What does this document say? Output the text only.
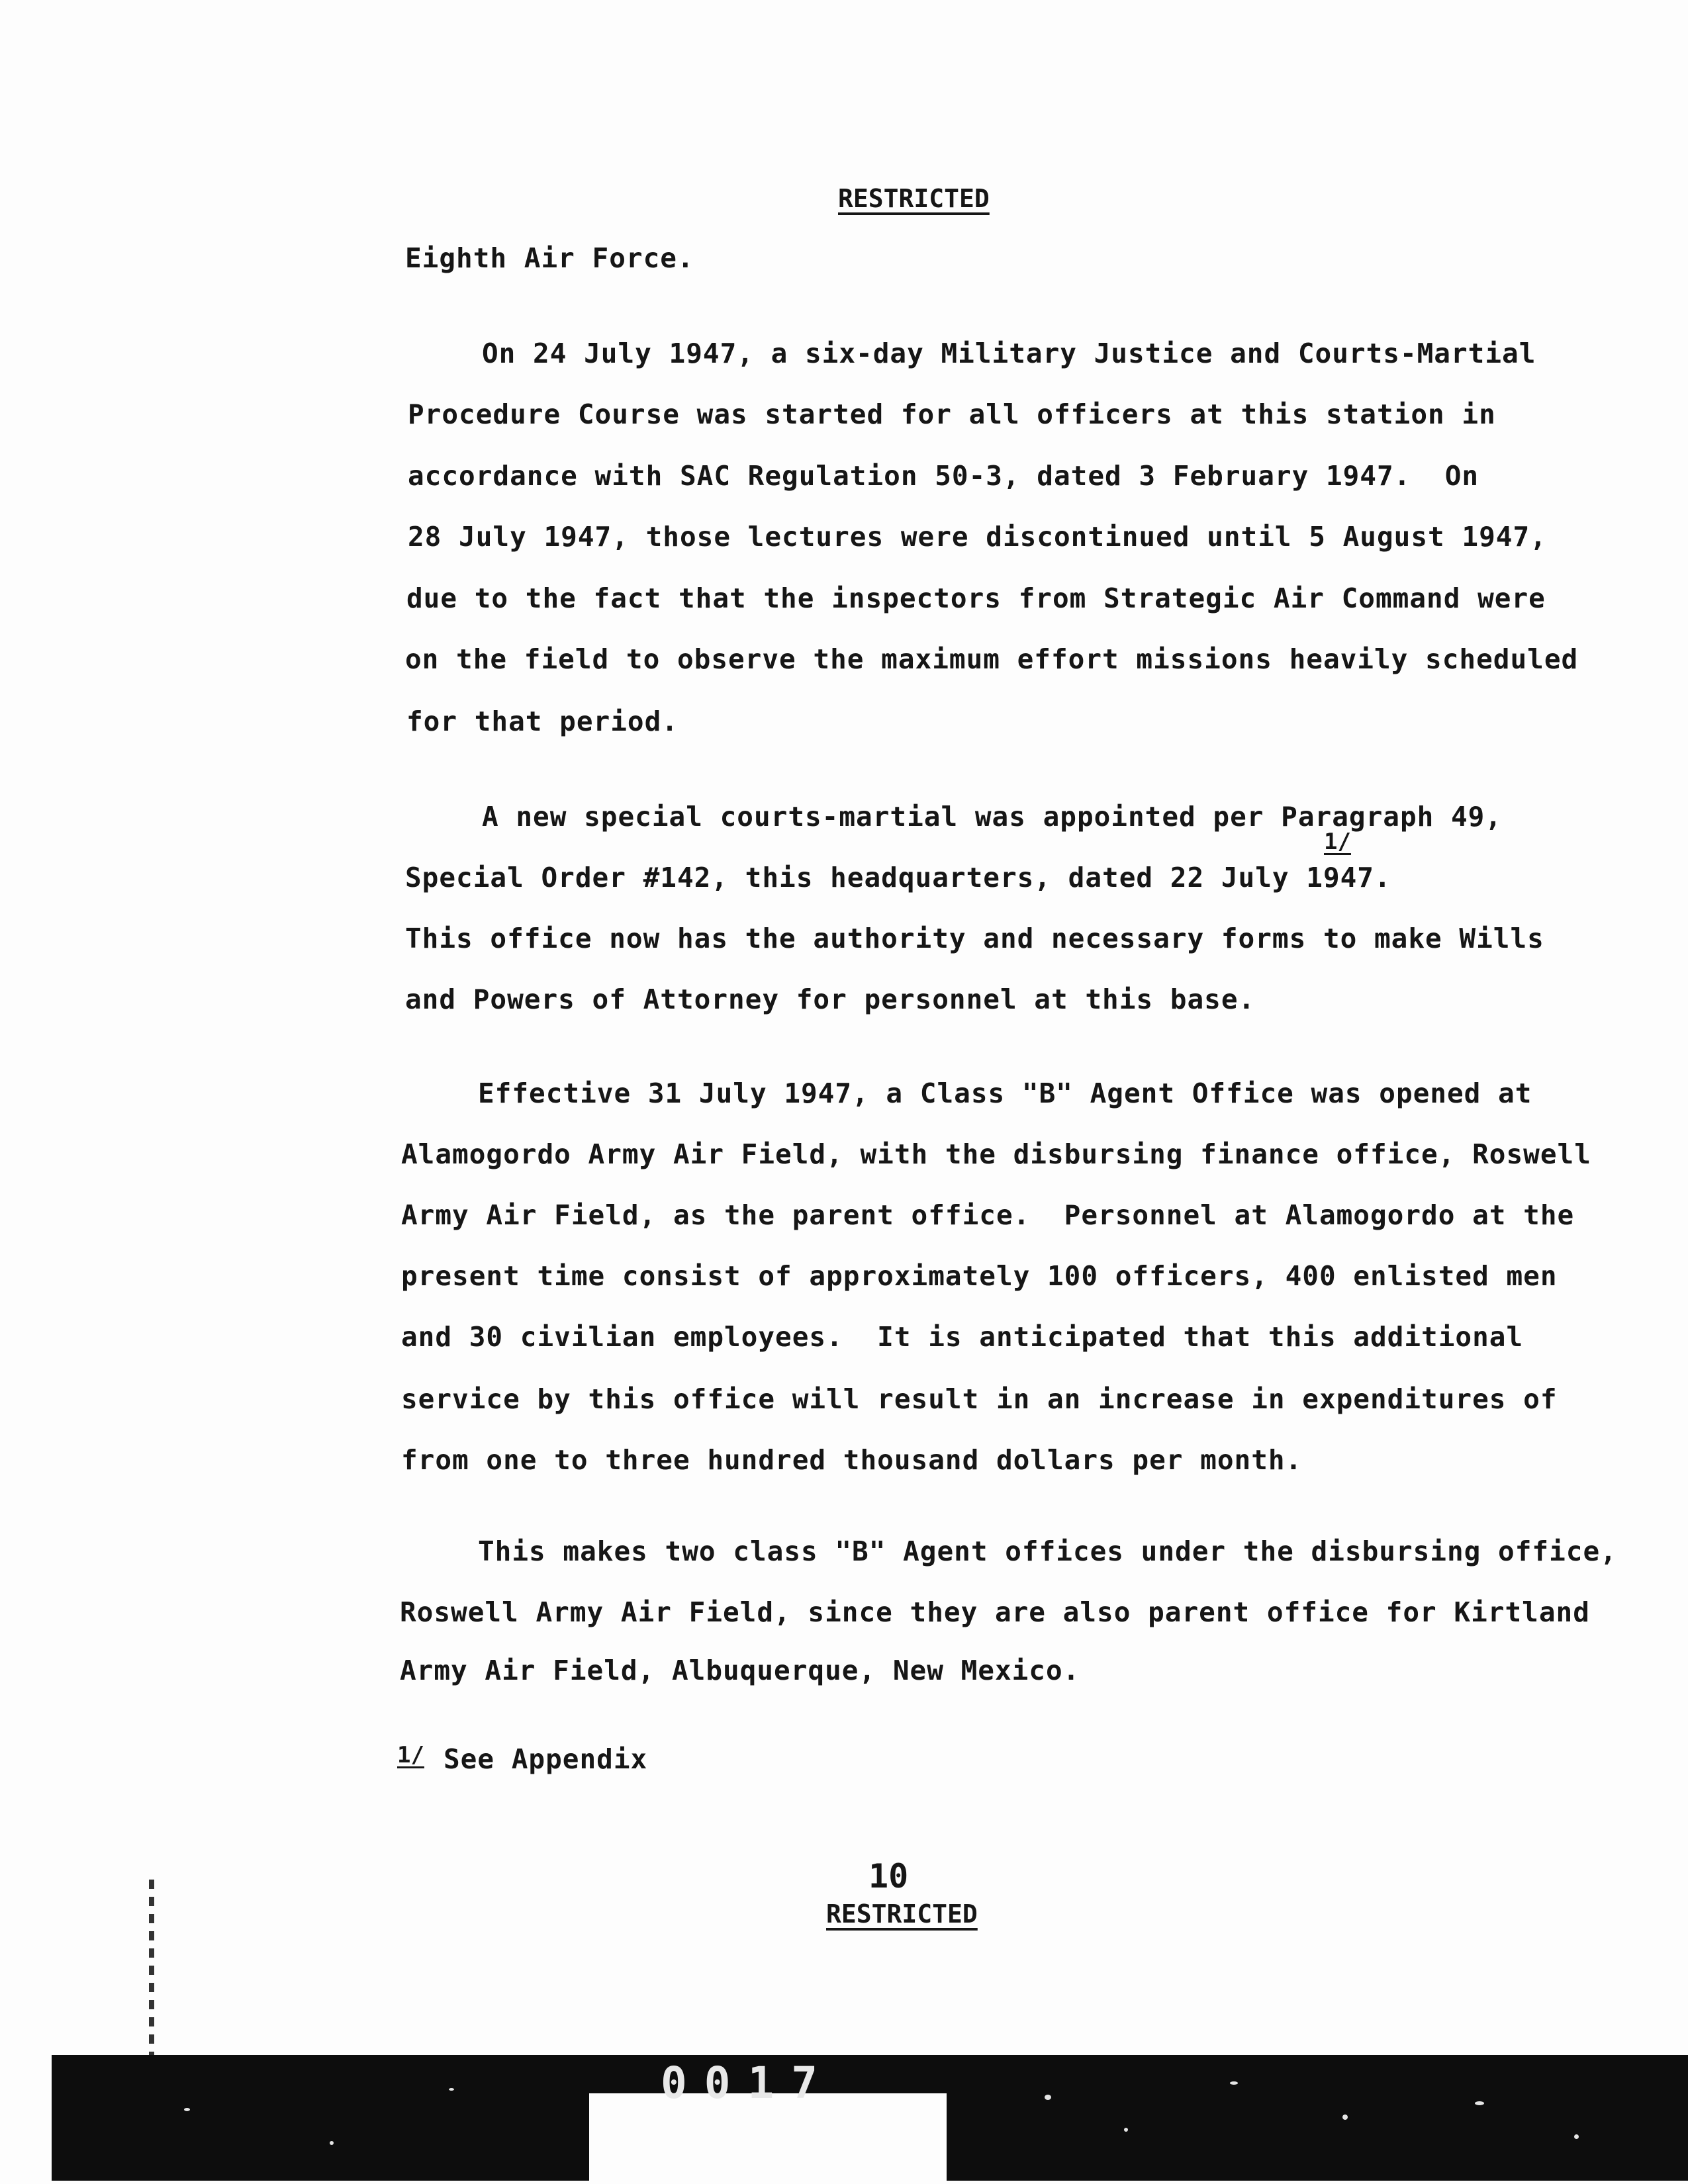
RESTRICTED
Eighth Air Force.
On 24 July 1947, a six-day Military Justice and Courts-Martial
Procedure Course was started for all officers at this station in
accordance with SAC Regulation 50-3, dated 3 February 1947.  On
28 July 1947, those lectures were discontinued until 5 August 1947,
due to the fact that the inspectors from Strategic Air Command were
on the field to observe the maximum effort missions heavily scheduled
for that period.
A new special courts-martial was appointed per Paragraph 49,
Special Order #142, this headquarters, dated 22 July 1947.
1/
This office now has the authority and necessary forms to make Wills
and Powers of Attorney for personnel at this base.
Effective 31 July 1947, a Class "B" Agent Office was opened at
Alamogordo Army Air Field, with the disbursing finance office, Roswell
Army Air Field, as the parent office.  Personnel at Alamogordo at the
present time consist of approximately 100 officers, 400 enlisted men
and 30 civilian employees.  It is anticipated that this additional
service by this office will result in an increase in expenditures of
from one to three hundred thousand dollars per month.
This makes two class "B" Agent offices under the disbursing office,
Roswell Army Air Field, since they are also parent office for Kirtland
Army Air Field, Albuquerque, New Mexico.
1/ See Appendix
10
RESTRICTED
0017
